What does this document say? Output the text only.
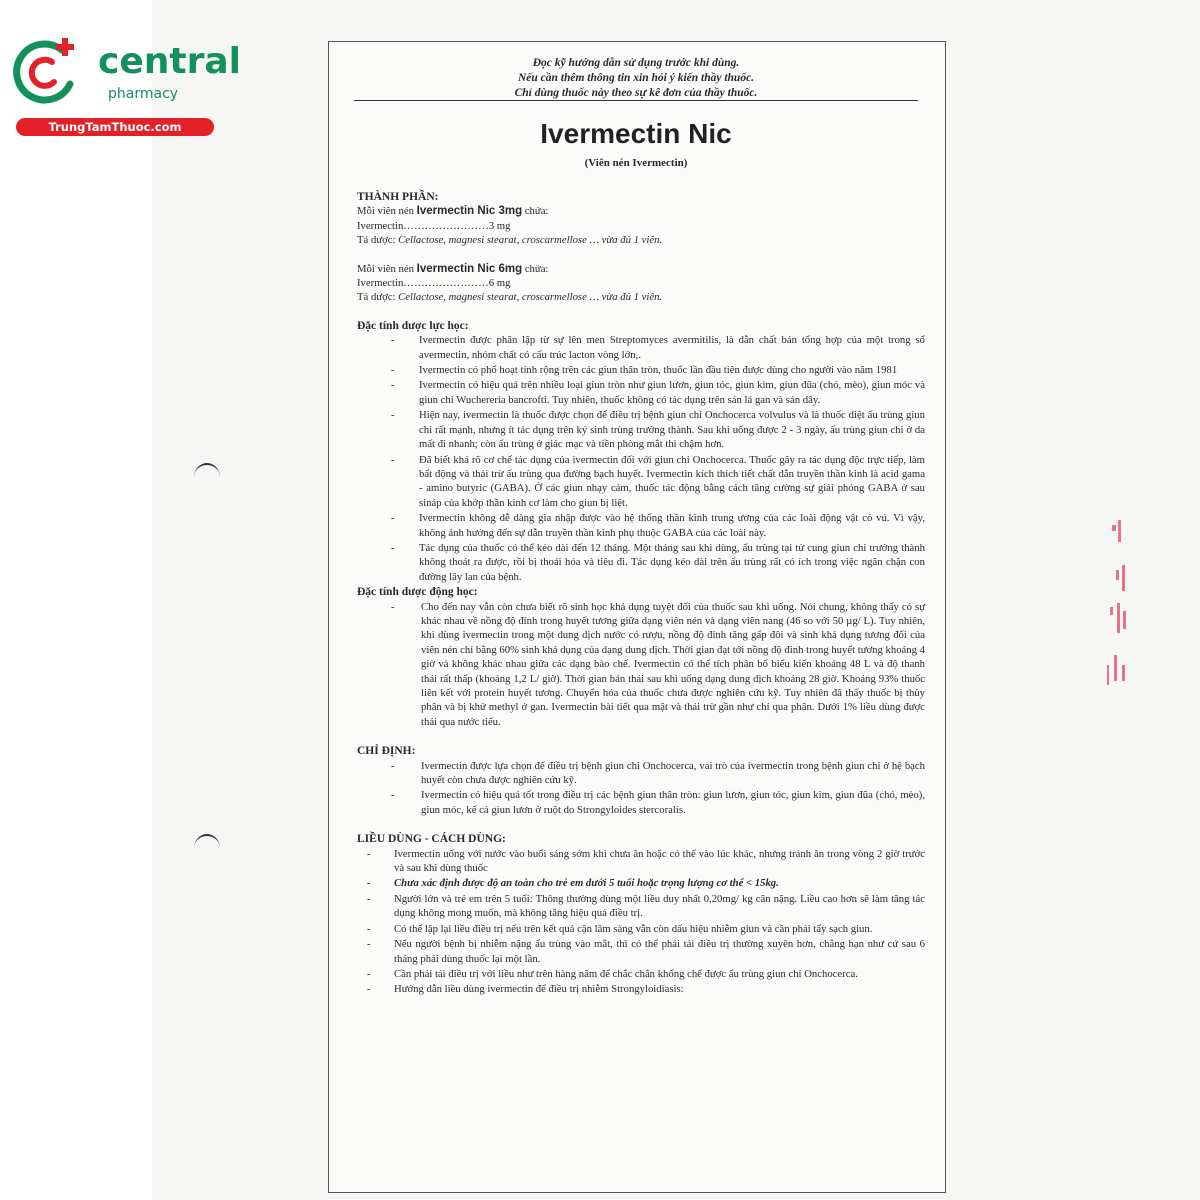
central
pharmacy
TrungTamThuoc.com
Đọc kỹ hướng dẫn sử dụng trước khi dùng.
Nếu cần thêm thông tin xin hỏi ý kiến thầy thuốc.
Chỉ dùng thuốc này theo sự kê đơn của thầy thuốc.
Ivermectin Nic
(Viên nén Ivermectin)
THÀNH PHẦN:
Mỗi viên nén Ivermectin Nic 3mg chứa:
Ivermectin……………………3 mg
Tá dược: Cellactose, magnesi stearat, croscarmellose … vừa đủ 1 viên.
Mỗi viên nén Ivermectin Nic 6mg chứa:
Ivermectin……………………6 mg
Tá dược: Cellactose, magnesi stearat, croscarmellose … vừa đủ 1 viên.
Đặc tính dược lực học:
- Ivermectin được phân lập từ sự lên men Streptomyces avermitilis, là dẫn chất bán tổng hợp của một trong số avermectin, nhóm chất có cấu trúc lacton vòng lớn,.
- Ivermectin có phổ hoạt tính rộng trên các giun thân tròn, thuốc lần đầu tiên được dùng cho người vào năm 1981
- Ivermectin có hiệu quả trên nhiều loại giun tròn như giun lươn, giun tóc, giun kim, giun đũa (chó, mèo), giun móc và giun chỉ Wuchereria bancrofti. Tuy nhiên, thuốc không có tác dụng trên sán lá gan và sán dây.
- Hiện nay, ivermectin là thuốc được chọn để điều trị bệnh giun chỉ Onchocerca volvulus và là thuốc diệt ấu trùng giun chỉ rất mạnh, nhưng ít tác dụng trên ký sinh trùng trưởng thành. Sau khi uống được 2 - 3 ngày, ấu trùng giun chỉ ở da mất đi nhanh; còn ấu trùng ở giác mạc và tiền phòng mắt thì chậm hơn.
- Đã biết khá rõ cơ chế tác dụng của ivermectin đối với giun chỉ Onchocerca. Thuốc gây ra tác dụng độc trực tiếp, làm bất động và thải trừ ấu trùng qua đường bạch huyết. Ivermectin kích thích tiết chất dẫn truyền thần kinh là acid gama - amino butyric (GABA). Ở các giun nhạy cảm, thuốc tác động bằng cách tăng cường sự giải phóng GABA ở sau sináp của khớp thần kinh cơ làm cho giun bị liệt.
- Ivermectin không dễ dàng gia nhập được vào hệ thống thần kinh trung ương của các loài động vật có vú. Vì vậy, không ảnh hưởng đến sự dẫn truyền thần kinh phụ thuộc GABA của các loài này.
- Tác dụng của thuốc có thể kéo dài đến 12 tháng. Một tháng sau khi dùng, ấu trùng tại tử cung giun chỉ trưởng thành không thoát ra được, rồi bị thoái hóa và tiêu đi. Tác dụng kéo dài trên ấu trùng rất có ích trong việc ngăn chặn con đường lây lan của bệnh.
Đặc tính dược động học:
- Cho đến nay vẫn còn chưa biết rõ sinh học khả dụng tuyệt đối của thuốc sau khi uống. Nói chung, không thấy có sự khác nhau về nồng độ đỉnh trong huyết tương giữa dạng viên nén và dạng viên nang (46 so với 50 µg/ L). Tuy nhiên, khi dùng ivermectin trong một dung dịch nước có rượu, nồng độ đỉnh tăng gấp đôi và sinh khả dụng tương đối của viên nén chỉ bằng 60% sinh khả dụng của dạng dung dịch. Thời gian đạt tới nồng độ đỉnh trong huyết tương khoảng 4 giờ và không khác nhau giữa các dạng bào chế. Ivermectin có thể tích phân bố biểu kiến khoảng 48 L và độ thanh thải rất thấp (khoảng 1,2 L/ giờ). Thời gian bán thải sau khi uống dạng dung dịch khoảng 28 giờ. Khoảng 93% thuốc liên kết với protein huyết tương. Chuyển hóa của thuốc chưa được nghiên cứu kỹ. Tuy nhiên đã thấy thuốc bị thủy phân và bị khử methyl ở gan. Ivermectin bài tiết qua mật và thải trừ gần như chỉ qua phân. Dưới 1% liều dùng được thải qua nước tiểu.
CHỈ ĐỊNH:
- Ivermectin được lựa chọn để điều trị bệnh giun chỉ Onchocerca, vai trò của ivermectin trong bệnh giun chỉ ở hệ bạch huyết còn chưa được nghiên cứu kỹ.
- Ivermectin có hiệu quả tốt trong điều trị các bệnh giun thân tròn: giun lươn, giun tóc, giun kim, giun đũa (chó, mèo), giun móc, kể cả giun lươn ở ruột do Strongyloides stercoralis.
LIỀU DÙNG - CÁCH DÙNG:
- Ivermectin uống với nước vào buổi sáng sớm khi chưa ăn hoặc có thể vào lúc khác, nhưng tránh ăn trong vòng 2 giờ trước và sau khi dùng thuốc
- Chưa xác định được độ an toàn cho trẻ em dưới 5 tuổi hoặc trọng lượng cơ thể < 15kg.
- Người lớn và trẻ em trên 5 tuổi: Thông thường dùng một liều duy nhất 0,20mg/ kg cân nặng. Liều cao hơn sẽ làm tăng tác dụng không mong muốn, mà không tăng hiệu quả điều trị.
- Có thể lặp lại liều điều trị nếu trên kết quả cận lâm sàng vẫn còn dấu hiệu nhiễm giun và cần phải tẩy sạch giun.
- Nếu người bệnh bị nhiễm nặng ấu trùng vào mắt, thì có thể phải tái điều trị thường xuyên hơn, chẳng hạn như cứ sau 6 tháng phải dùng thuốc lại một lần.
- Cần phải tái điều trị với liều như trên hàng năm để chắc chắn khống chế được ấu trùng giun chỉ Onchocerca.
- Hướng dẫn liều dùng ivermectin để điều trị nhiễm Strongyloidiasis:
